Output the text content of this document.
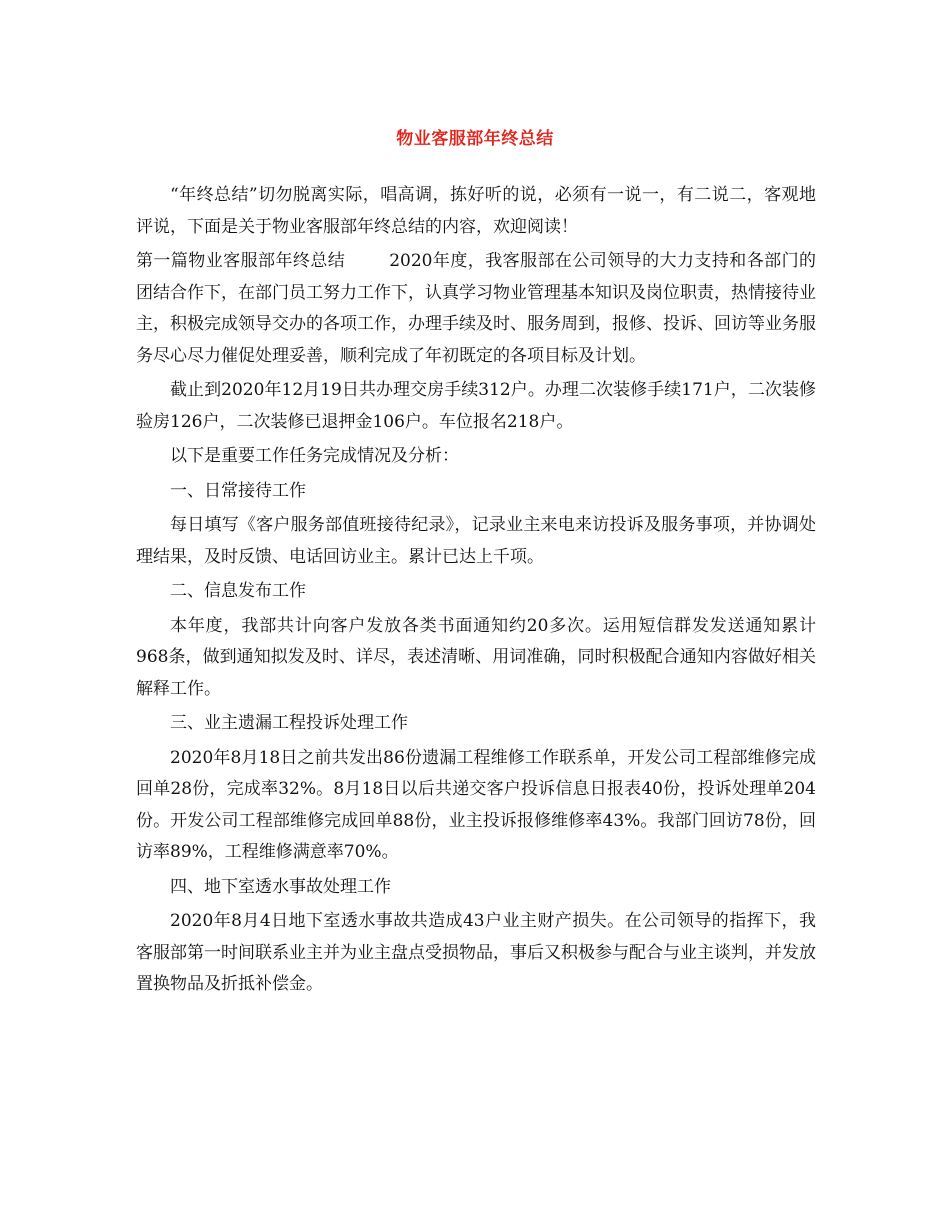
物业客服部年终总结

“年终总结”切勿脱离实际，唱高调，拣好听的说，必须有一说一，有二说二，客观地评说，下面是关于物业客服部年终总结的内容，欢迎阅读！

第一篇物业客服部年终总结	2020年度，我客服部在公司领导的大力支持和各部门的团结合作下，在部门员工努力工作下，认真学习物业管理基本知识及岗位职责，热情接待业主，积极完成领导交办的各项工作，办理手续及时、服务周到，报修、投诉、回访等业务服务尽心尽力催促处理妥善，顺利完成了年初既定的各项目标及计划。

截止到2020年12月19日共办理交房手续312户。办理二次装修手续171户，二次装修验房126户，二次装修已退押金106户。车位报名218户。

以下是重要工作任务完成情况及分析：

一、日常接待工作

每日填写《客户服务部值班接待纪录》，记录业主来电来访投诉及服务事项，并协调处理结果，及时反馈、电话回访业主。累计已达上千项。

二、信息发布工作

本年度，我部共计向客户发放各类书面通知约20多次。运用短信群发发送通知累计968条，做到通知拟发及时、详尽，表述清晰、用词准确，同时积极配合通知内容做好相关解释工作。

三、业主遗漏工程投诉处理工作

2020年8月18日之前共发出86份遗漏工程维修工作联系单，开发公司工程部维修完成回单28份，完成率32%。8月18日以后共递交客户投诉信息日报表40份，投诉处理单204份。开发公司工程部维修完成回单88份，业主投诉报修维修率43%。我部门回访78份，回访率89%，工程维修满意率70%。

四、地下室透水事故处理工作

2020年8月4日地下室透水事故共造成43户业主财产损失。在公司领导的指挥下，我客服部第一时间联系业主并为业主盘点受损物品，事后又积极参与配合与业主谈判，并发放置换物品及折抵补偿金。
